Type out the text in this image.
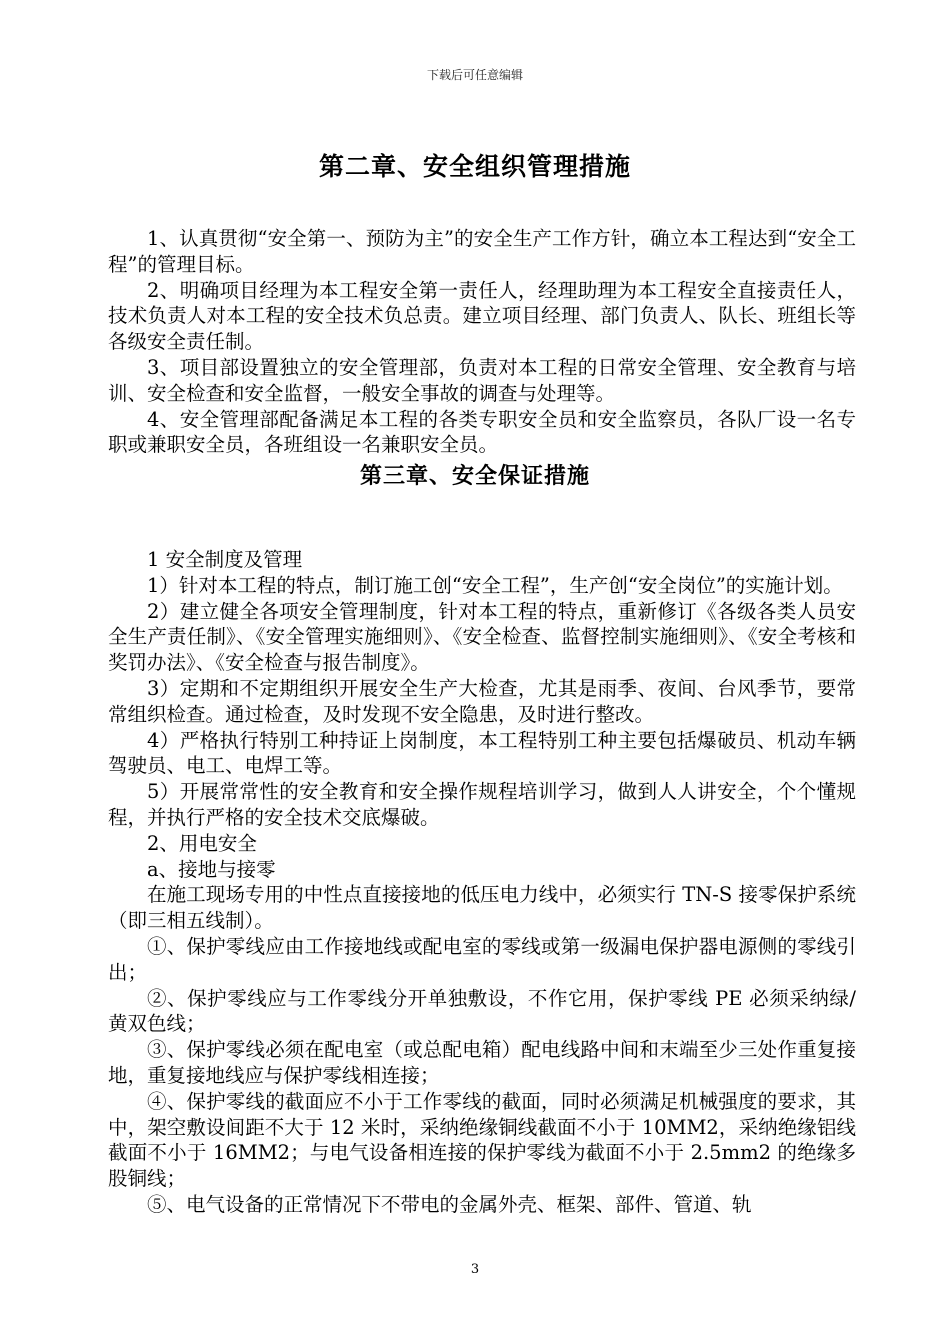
下载后可任意编辑
第二章、安全组织管理措施

1、认真贯彻“安全第一、预防为主”的安全生产工作方针，确立本工程达到“安全工程”的管理目标。

2、明确项目经理为本工程安全第一责任人，经理助理为本工程安全直接责任人，技术负责人对本工程的安全技术负总责。建立项目经理、部门负责人、队长、班组长等各级安全责任制。

3、项目部设置独立的安全管理部，负责对本工程的日常安全管理、安全教育与培训、安全检查和安全监督，一般安全事故的调查与处理等。

4、安全管理部配备满足本工程的各类专职安全员和安全监察员，各队厂设一名专职或兼职安全员，各班组设一名兼职安全员。

第三章、安全保证措施

1 安全制度及管理

1）针对本工程的特点，制订施工创“安全工程”，生产创“安全岗位”的实施计划。

2）建立健全各项安全管理制度，针对本工程的特点，重新修订《各级各类人员安全生产责任制》、《安全管理实施细则》、《安全检查、监督控制实施细则》、《安全考核和奖罚办法》、《安全检查与报告制度》。

3）定期和不定期组织开展安全生产大检查，尤其是雨季、夜间、台风季节，要常常组织检查。通过检查，及时发现不安全隐患，及时进行整改。

4）严格执行特别工种持证上岗制度，本工程特别工种主要包括爆破员、机动车辆驾驶员、电工、电焊工等。

5）开展常常性的安全教育和安全操作规程培训学习，做到人人讲安全，个个懂规程，并执行严格的安全技术交底爆破。

2、用电安全

a、接地与接零

在施工现场专用的中性点直接接地的低压电力线中，必须实行 TN-S 接零保护系统（即三相五线制）。

①、保护零线应由工作接地线或配电室的零线或第一级漏电保护器电源侧的零线引出；

②、保护零线应与工作零线分开单独敷设，不作它用，保护零线 PE 必须采纳绿/黄双色线；

③、保护零线必须在配电室（或总配电箱）配电线路中间和末端至少三处作重复接地，重复接地线应与保护零线相连接；

④、保护零线的截面应不小于工作零线的截面，同时必须满足机械强度的要求，其中，架空敷设间距不大于 12 米时，采纳绝缘铜线截面不小于 10MM2，采纳绝缘铝线截面不小于 16MM2；与电气设备相连接的保护零线为截面不小于 2.5mm2 的绝缘多股铜线；

⑤、电气设备的正常情况下不带电的金属外壳、框架、部件、管道、轨

3
